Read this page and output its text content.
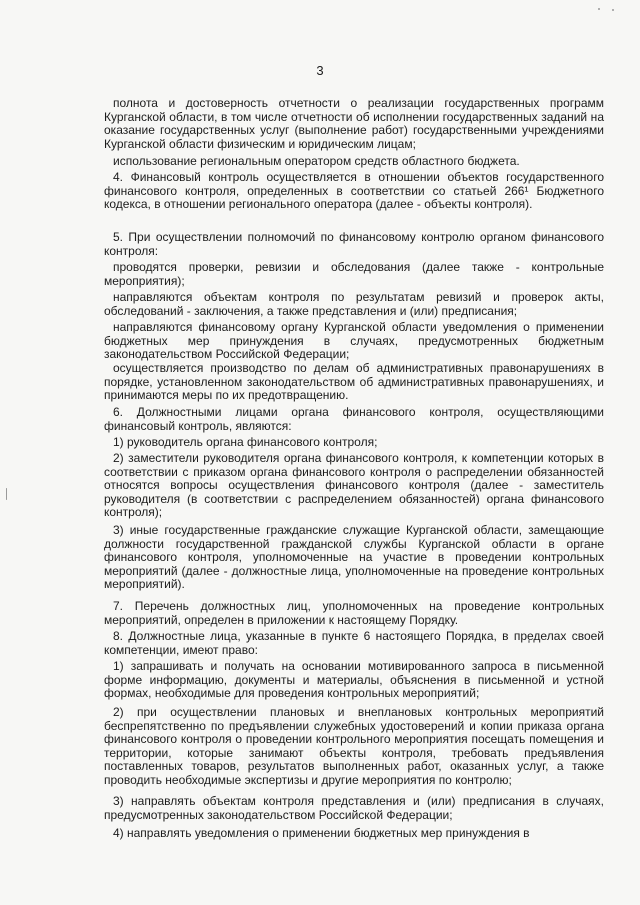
3

полнота и достоверность отчетности о реализации государственных программ Курганской области, в том числе отчетности об исполнении государственных заданий на оказание государственных услуг (выполнение работ) государственными учреждениями Курганской области физическим и юридическим лицам;

использование региональным оператором средств областного бюджета.

4. Финансовый контроль осуществляется в отношении объектов государственного финансового контроля, определенных в соответствии со статьей 266¹ Бюджетного кодекса, в отношении регионального оператора (далее - объекты контроля).

5. При осуществлении полномочий по финансовому контролю органом финансового контроля:

проводятся проверки, ревизии и обследования (далее также - контрольные мероприятия);

направляются объектам контроля по результатам ревизий и проверок акты, обследований - заключения, а также представления и (или) предписания;

направляются финансовому органу Курганской области уведомления о применении бюджетных мер принуждения в случаях, предусмотренных бюджетным законодательством Российской Федерации;

осуществляется производство по делам об административных правонарушениях в порядке, установленном законодательством об административных правонарушениях, и принимаются меры по их предотвращению.

6. Должностными лицами органа финансового контроля, осуществляющими финансовый контроль, являются:

1) руководитель органа финансового контроля;

2) заместители руководителя органа финансового контроля, к компетенции которых в соответствии с приказом органа финансового контроля о распределении обязанностей относятся вопросы осуществления финансового контроля (далее - заместитель руководителя (в соответствии с распределением обязанностей) органа финансового контроля);

3) иные государственные гражданские служащие Курганской области, замещающие должности государственной гражданской службы Курганской области в органе финансового контроля, уполномоченные на участие в проведении контрольных мероприятий (далее - должностные лица, уполномоченные на проведение контрольных мероприятий).

7. Перечень должностных лиц, уполномоченных на проведение контрольных мероприятий, определен в приложении к настоящему Порядку.

8. Должностные лица, указанные в пункте 6 настоящего Порядка, в пределах своей компетенции, имеют право:

1) запрашивать и получать на основании мотивированного запроса в письменной форме информацию, документы и материалы, объяснения в письменной и устной формах, необходимые для проведения контрольных мероприятий;

2) при осуществлении плановых и внеплановых контрольных мероприятий беспрепятственно по предъявлении служебных удостоверений и копии приказа органа финансового контроля о проведении контрольного мероприятия посещать помещения и территории, которые занимают объекты контроля, требовать предъявления поставленных товаров, результатов выполненных работ, оказанных услуг, а также проводить необходимые экспертизы и другие мероприятия по контролю;

3) направлять объектам контроля представления и (или) предписания в случаях, предусмотренных законодательством Российской Федерации;

4) направлять уведомления о применении бюджетных мер принуждения в
